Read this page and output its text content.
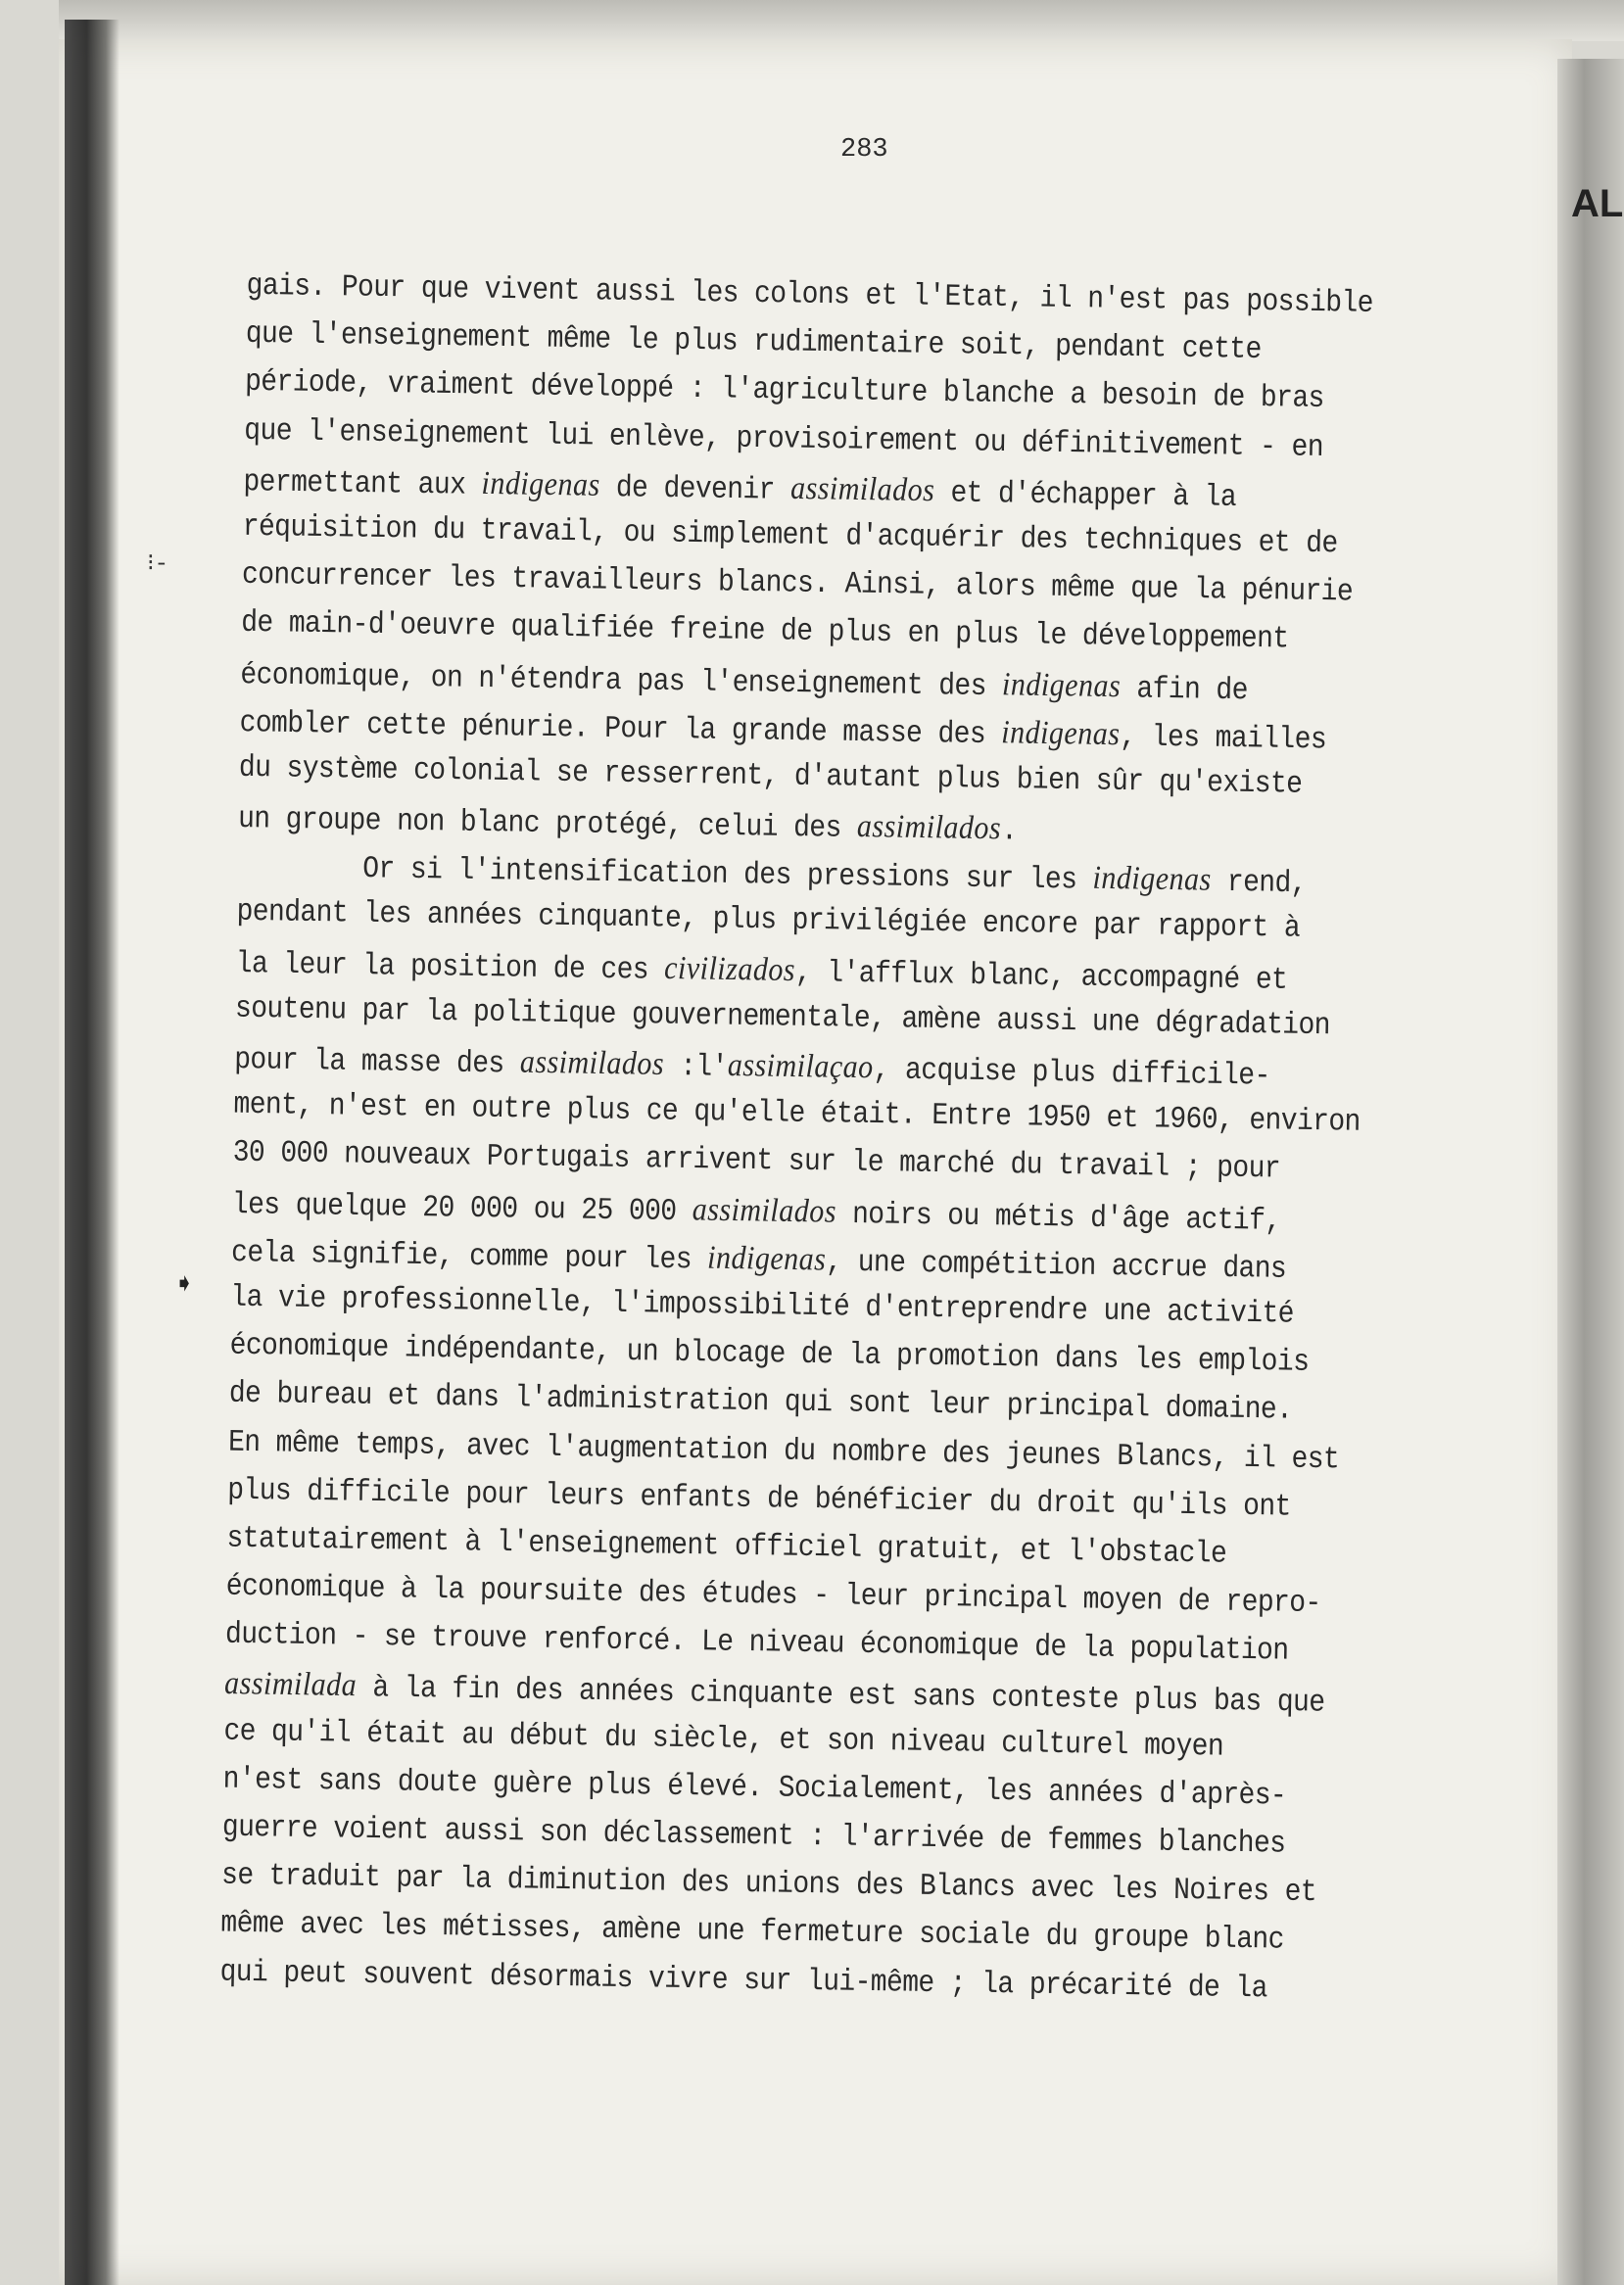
AL
283
⁝-
➧
gais. Pour que vivent aussi les colons et l'Etat, il n'est pas possible
que l'enseignement même le plus rudimentaire soit, pendant cette
période, vraiment développé : l'agriculture blanche a besoin de bras
que l'enseignement lui enlève, provisoirement ou définitivement - en
permettant aux indigenas de devenir assimilados et d'échapper à la
réquisition du travail, ou simplement d'acquérir des techniques et de
concurrencer les travailleurs blancs. Ainsi, alors même que la pénurie
de main-d'oeuvre qualifiée freine de plus en plus le développement
économique, on n'étendra pas l'enseignement des indigenas afin de
combler cette pénurie. Pour la grande masse des indigenas, les mailles
du système colonial se resserrent, d'autant plus bien sûr qu'existe
un groupe non blanc protégé, celui des assimilados.
Or si l'intensification des pressions sur les indigenas rend,
pendant les années cinquante, plus privilégiée encore par rapport à
la leur la position de ces civilizados, l'afflux blanc, accompagné et
soutenu par la politique gouvernementale, amène aussi une dégradation
pour la masse des assimilados :l'assimilaçao, acquise plus difficile-
ment, n'est en outre plus ce qu'elle était. Entre 1950 et 1960, environ
30 000 nouveaux Portugais arrivent sur le marché du travail ; pour
les quelque 20 000 ou 25 000 assimilados noirs ou métis d'âge actif,
cela signifie, comme pour les indigenas, une compétition accrue dans
la vie professionnelle, l'impossibilité d'entreprendre une activité
économique indépendante, un blocage de la promotion dans les emplois
de bureau et dans l'administration qui sont leur principal domaine.
En même temps, avec l'augmentation du nombre des jeunes Blancs, il est
plus difficile pour leurs enfants de bénéficier du droit qu'ils ont
statutairement à l'enseignement officiel gratuit, et l'obstacle
économique à la poursuite des études - leur principal moyen de repro-
duction - se trouve renforcé. Le niveau économique de la population
assimilada à la fin des années cinquante est sans conteste plus bas que
ce qu'il était au début du siècle, et son niveau culturel moyen
n'est sans doute guère plus élevé. Socialement, les années d'après-
guerre voient aussi son déclassement : l'arrivée de femmes blanches
se traduit par la diminution des unions des Blancs avec les Noires et
même avec les métisses, amène une fermeture sociale du groupe blanc
qui peut souvent désormais vivre sur lui-même ; la précarité de la
